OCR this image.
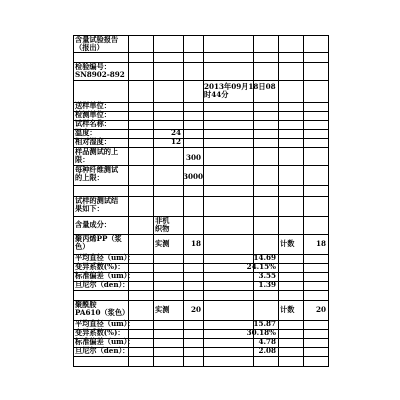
含量试验报告
（报出）
检验编号：
SN8902-892
2013年09月18日08
时44分
送样单位：
检测单位：
试样名称：
温度：	24
相对湿度：	12
样品测试的上
限：	300
每种纤维测试
的上限：	3000
试样的测试结
果如下：
含量成分：	非机
织物
聚丙烯PP（浆
色）	实测	18	计数	18
平均直径（um）：	14.69
变异系数(%)：	24.15%
标准偏差（um）：	3.55
旦尼尔（den）：	1.39
聚酰胺
PA610（浆色）	实测	20	计数	20
平均直径（um）：	15.87
变异系数(%)：	30.18%
标准偏差（um）：	4.78
旦尼尔（den）：	2.08
